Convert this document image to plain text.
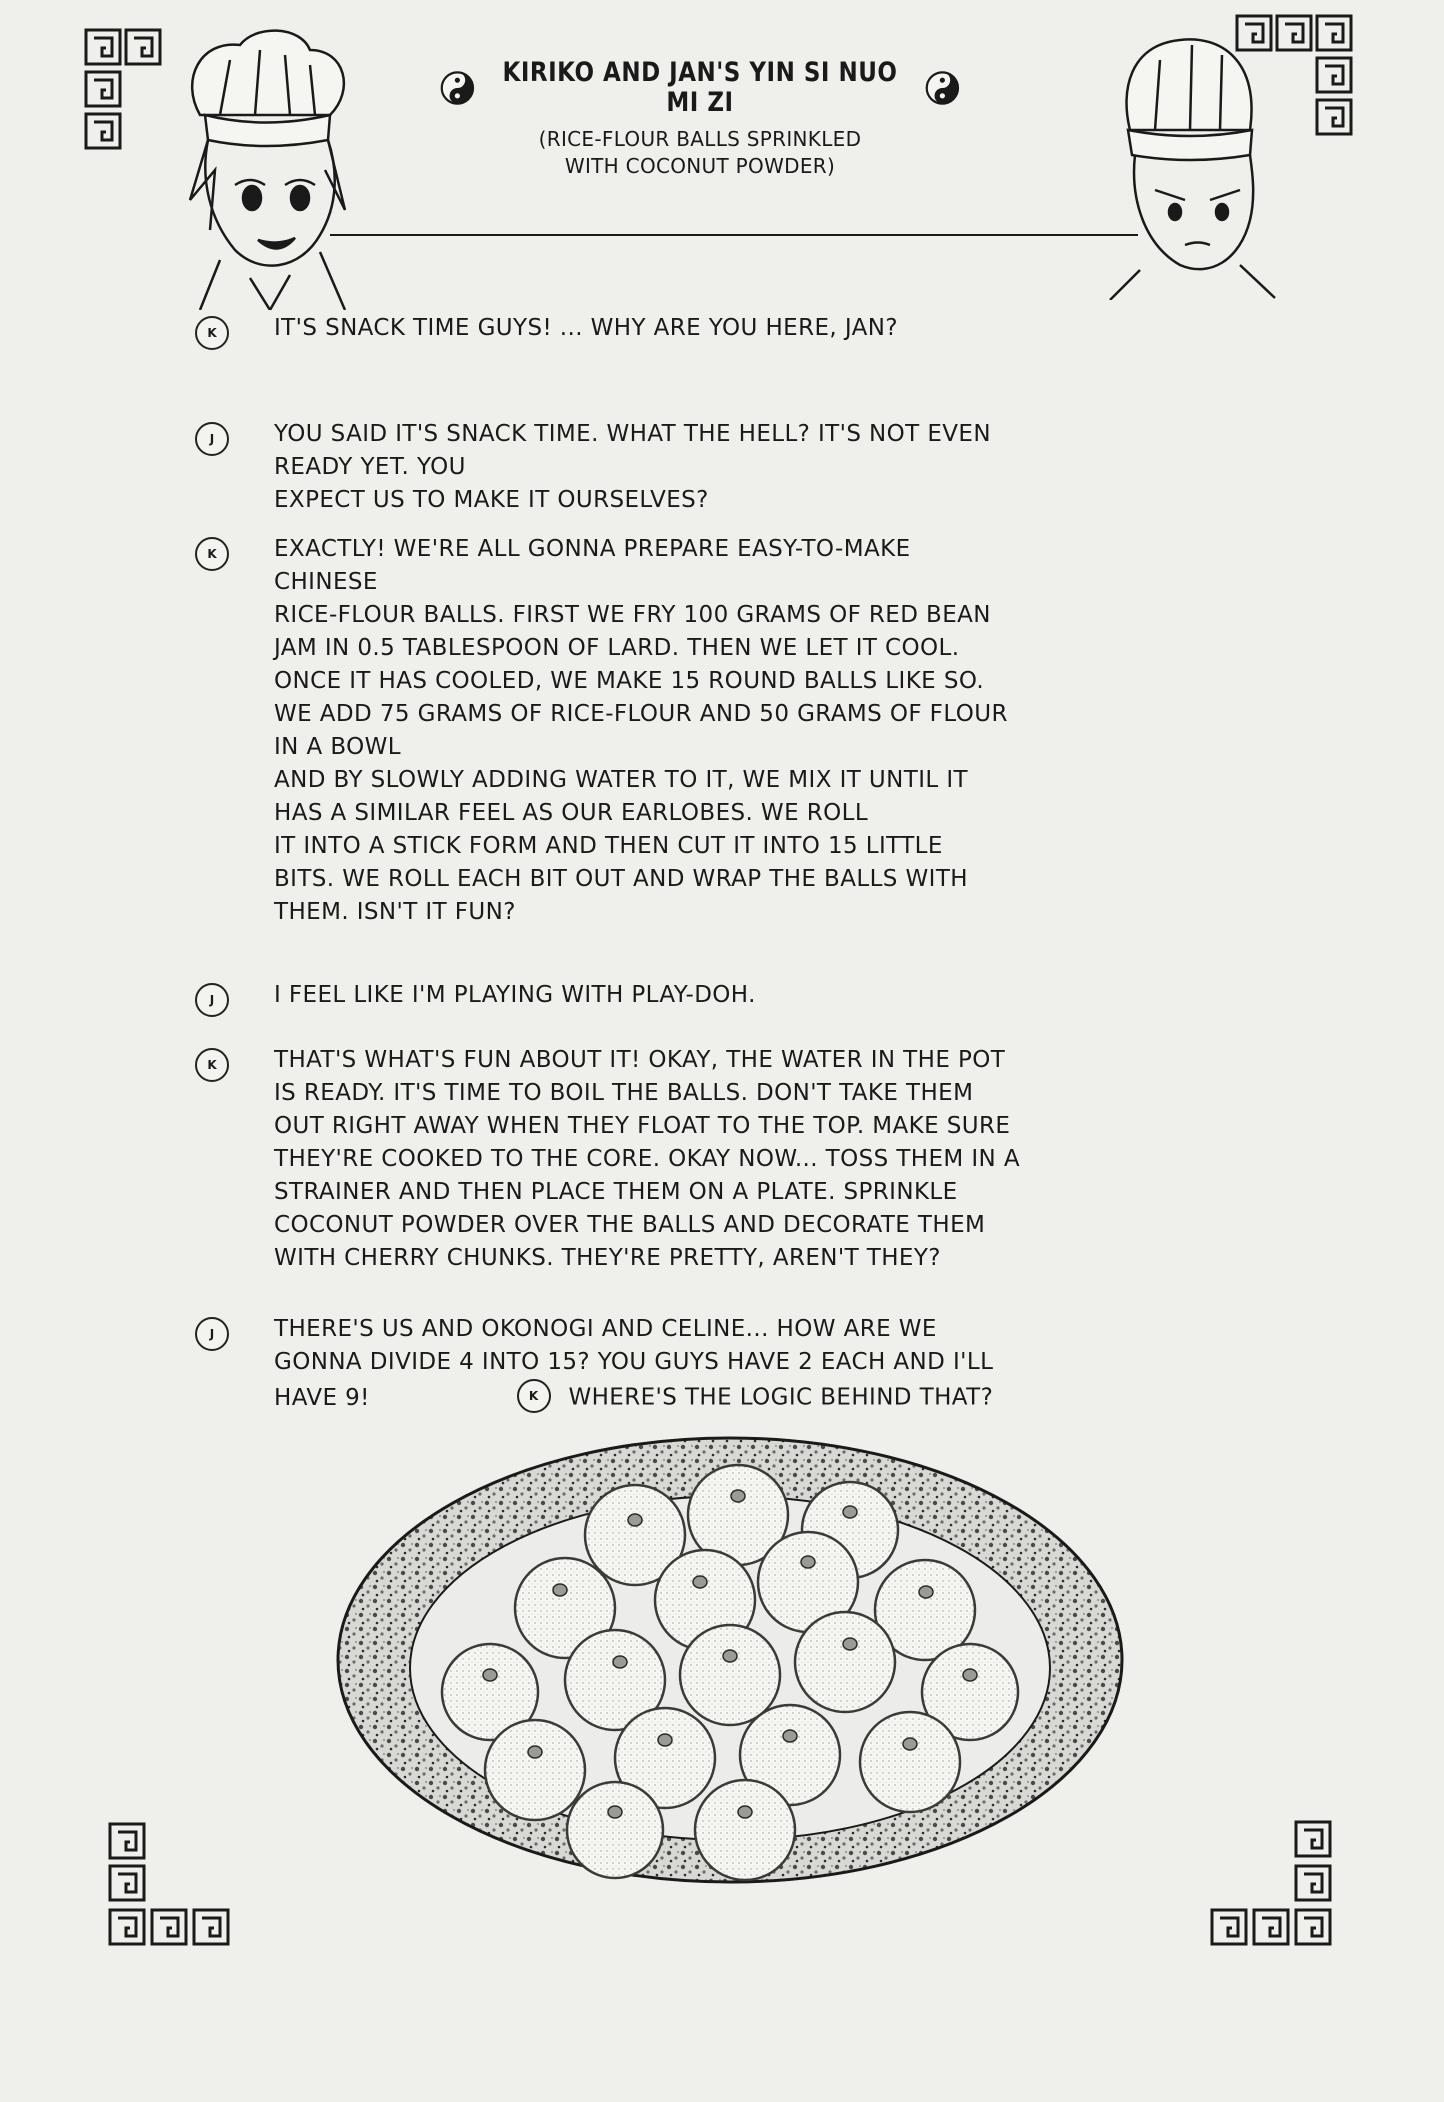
KIRIKO AND JAN'S YIN SI NUO MI ZI
(RICE-FLOUR BALLS SPRINKLED
WITH COCONUT POWDER)
K	IT'S SNACK TIME GUYS! ... WHY ARE YOU HERE, JAN?

J	YOU SAID IT'S SNACK TIME. WHAT THE HELL? IT'S NOT EVEN

READY YET. YOU

EXPECT US TO MAKE IT OURSELVES?

K	EXACTLY! WE'RE ALL GONNA PREPARE EASY-TO-MAKE

CHINESE

RICE-FLOUR BALLS. FIRST WE FRY 100 GRAMS OF RED BEAN

JAM IN 0.5 TABLESPOON OF LARD. THEN WE LET IT COOL.

ONCE IT HAS COOLED, WE MAKE 15 ROUND BALLS LIKE SO.

WE ADD 75 GRAMS OF RICE-FLOUR AND 50 GRAMS OF FLOUR

IN A BOWL

AND BY SLOWLY ADDING WATER TO IT, WE MIX IT UNTIL IT

HAS A SIMILAR FEEL AS OUR EARLOBES. WE ROLL

IT INTO A STICK FORM AND THEN CUT IT INTO 15 LITTLE

BITS. WE ROLL EACH BIT OUT AND WRAP THE BALLS WITH

THEM. ISN'T IT FUN?

J	I FEEL LIKE I'M PLAYING WITH PLAY-DOH.

K	THAT'S WHAT'S FUN ABOUT IT! OKAY, THE WATER IN THE POT

IS READY. IT'S TIME TO BOIL THE BALLS. DON'T TAKE THEM

OUT RIGHT AWAY WHEN THEY FLOAT TO THE TOP. MAKE SURE

THEY'RE COOKED TO THE CORE. OKAY NOW... TOSS THEM IN A

STRAINER AND THEN PLACE THEM ON A PLATE. SPRINKLE

COCONUT POWDER OVER THE BALLS AND DECORATE THEM

WITH CHERRY CHUNKS. THEY'RE PRETTY, AREN'T THEY?

J	THERE'S US AND OKONOGI AND CELINE... HOW ARE WE

GONNA DIVIDE 4 INTO 15? YOU GUYS HAVE 2 EACH AND I'LL

HAVE 9!	K WHERE'S THE LOGIC BEHIND THAT?
